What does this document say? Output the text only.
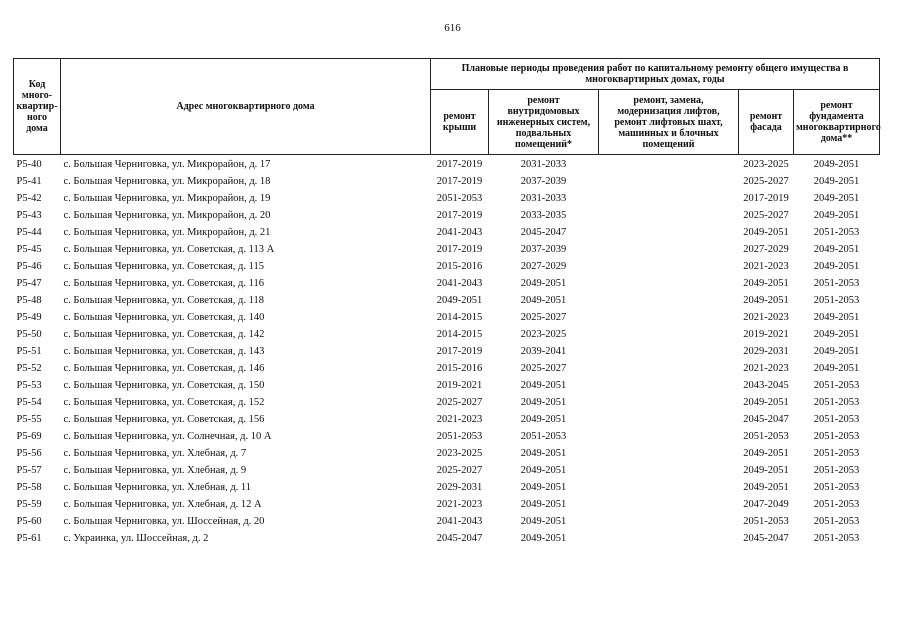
616
Код много-квартир-ного дома	Адрес многоквартирного дома	Плановые периоды проведения работ по капитальному ремонту общего имущества в многоквартирных домах, годы				
		ремонт крыши	ремонт внутридомовых инженерных систем, подвальных помещений*	ремонт, замена, модернизация лифтов, ремонт лифтовых шахт, машинных и блочных помещений	ремонт фасада	ремонт фундамента многоквартирного дома**
Р5-40	с. Большая Черниговка, ул. Микрорайон, д. 17	2017-2019	2031-2033		2023-2025	2049-2051
Р5-41	с. Большая Черниговка, ул. Микрорайон, д. 18	2017-2019	2037-2039		2025-2027	2049-2051
Р5-42	с. Большая Черниговка, ул. Микрорайон, д. 19	2051-2053	2031-2033		2017-2019	2049-2051
Р5-43	с. Большая Черниговка, ул. Микрорайон, д. 20	2017-2019	2033-2035		2025-2027	2049-2051
Р5-44	с. Большая Черниговка, ул. Микрорайон, д. 21	2041-2043	2045-2047		2049-2051	2051-2053
Р5-45	с. Большая Черниговка, ул. Советская, д. 113 А	2017-2019	2037-2039		2027-2029	2049-2051
Р5-46	с. Большая Черниговка, ул. Советская, д. 115	2015-2016	2027-2029		2021-2023	2049-2051
Р5-47	с. Большая Черниговка, ул. Советская, д. 116	2041-2043	2049-2051		2049-2051	2051-2053
Р5-48	с. Большая Черниговка, ул. Советская, д. 118	2049-2051	2049-2051		2049-2051	2051-2053
Р5-49	с. Большая Черниговка, ул. Советская, д. 140	2014-2015	2025-2027		2021-2023	2049-2051
Р5-50	с. Большая Черниговка, ул. Советская, д. 142	2014-2015	2023-2025		2019-2021	2049-2051
Р5-51	с. Большая Черниговка, ул. Советская, д. 143	2017-2019	2039-2041		2029-2031	2049-2051
Р5-52	с. Большая Черниговка, ул. Советская, д. 146	2015-2016	2025-2027		2021-2023	2049-2051
Р5-53	с. Большая Черниговка, ул. Советская, д. 150	2019-2021	2049-2051		2043-2045	2051-2053
Р5-54	с. Большая Черниговка, ул. Советская, д. 152	2025-2027	2049-2051		2049-2051	2051-2053
Р5-55	с. Большая Черниговка, ул. Советская, д. 156	2021-2023	2049-2051		2045-2047	2051-2053
Р5-69	с. Большая Черниговка, ул. Солнечная, д. 10 А	2051-2053	2051-2053		2051-2053	2051-2053
Р5-56	с. Большая Черниговка, ул. Хлебная, д. 7	2023-2025	2049-2051		2049-2051	2051-2053
Р5-57	с. Большая Черниговка, ул. Хлебная, д. 9	2025-2027	2049-2051		2049-2051	2051-2053
Р5-58	с. Большая Черниговка, ул. Хлебная, д. 11	2029-2031	2049-2051		2049-2051	2051-2053
Р5-59	с. Большая Черниговка, ул. Хлебная, д. 12 А	2021-2023	2049-2051		2047-2049	2051-2053
Р5-60	с. Большая Черниговка, ул. Шоссейная, д. 20	2041-2043	2049-2051		2051-2053	2051-2053
Р5-61	с. Украинка, ул. Шоссейная, д. 2	2045-2047	2049-2051		2045-2047	2051-2053
